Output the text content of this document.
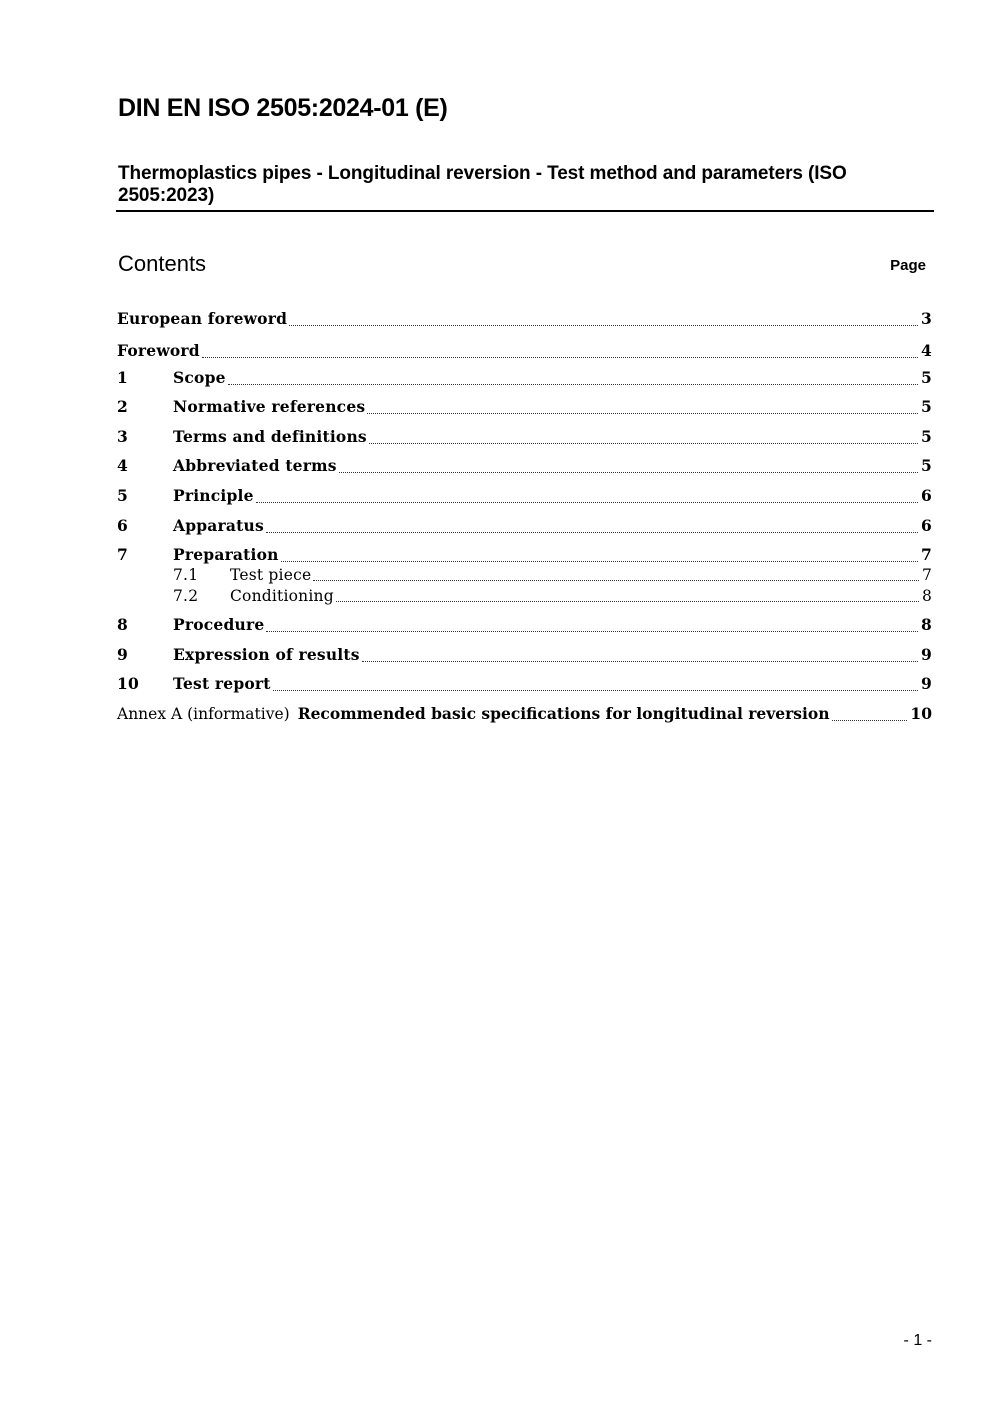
DIN EN ISO 2505:2024-01 (E)
Thermoplastics pipes - Longitudinal reversion - Test method and parameters (ISO 2505:2023)
Contents	Page
European foreword	3
Foreword	4
1	Scope	5
2	Normative references	5
3	Terms and definitions	5
4	Abbreviated terms	5
5	Principle	6
6	Apparatus	6
7	Preparation	7
7.1	Test piece	7
7.2	Conditioning	8
8	Procedure	8
9	Expression of results	9
10	Test report	9
Annex A (informative) Recommended basic specifications for longitudinal reversion	10
- 1 -
